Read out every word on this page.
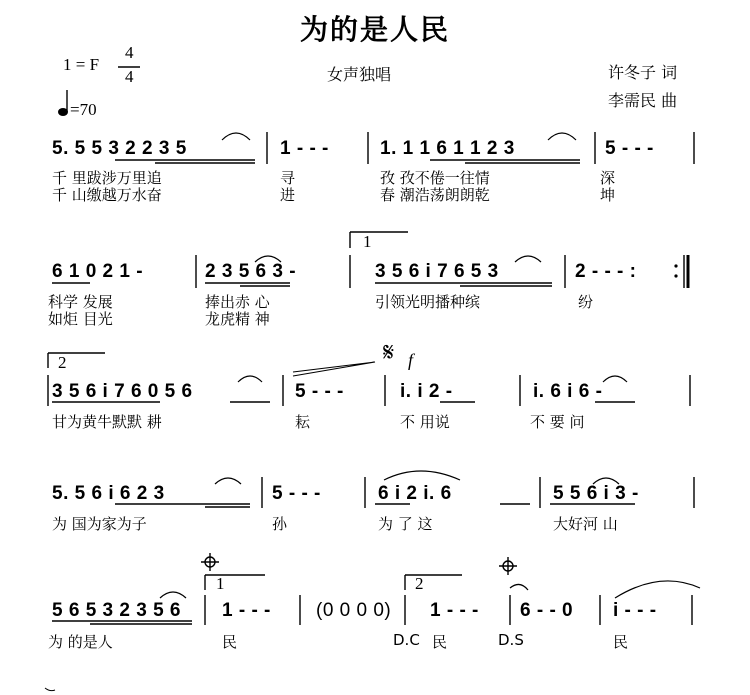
为的是人民
1 = F
4
4
=70
女声独唱	许冬子 词
李需民 曲
1
2
1	2
𝄋 f
5. 5 5 3 2 2 3 5	1 - - -	1. 1 1 6 1 1 2 3	5 - - -
千 里跋涉万里追	寻	孜 孜不倦一往情	深
千 山缴越万水奋	进	春 潮浩荡朗朗乾	坤
6 1 0 2 1 -	2 3 5 6 3 -	3 5 6 i 7 6 5 3	2 - - - :
科学 发展	捧出赤 心	引领光明播种缤	纷
如炬 目光	龙虎精 神
3 5 6 i 7 6 0 5 6	5 - - -	i. i 2 -	i. 6 i 6 -
甘为黄牛默默 耕	耘	不 用说	不 要 问
5. 5 6 i 6 2 3	5 - - -	6 i 2 i. 6	5 5 6 i 3 -
为 国为家为子	孙	为 了 这	大好河 山
5 6 5 3 2 3 5 6 1 - - - (0 0 0 0) 1 - - - 6 - - 0 i - - -
为 的是人	民	D.C 民	D.S	民
